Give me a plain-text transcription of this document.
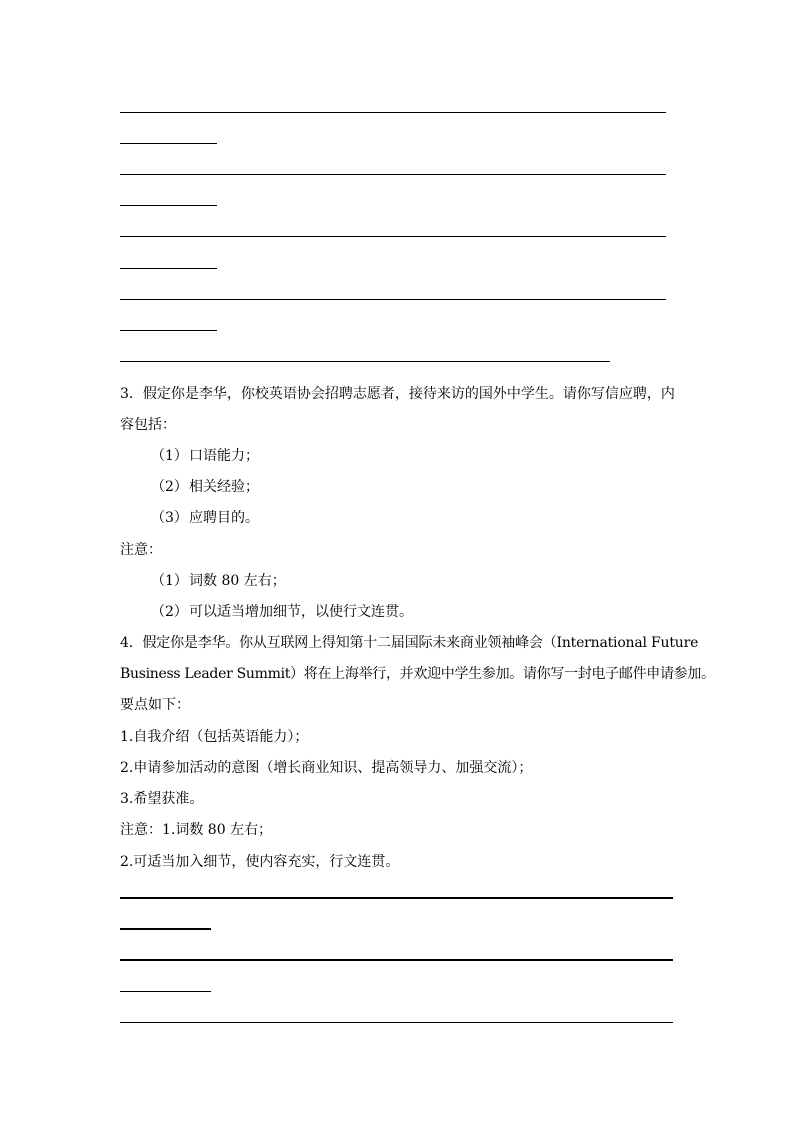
3．假定你是李华，你校英语协会招聘志愿者，接待来访的国外中学生。请你写信应聘，内
容包括：
（1）口语能力；
（2）相关经验；
（3）应聘目的。
注意：
（1）词数 80 左右；
（2）可以适当增加细节，以使行文连贯。
4．假定你是李华。你从互联网上得知第十二届国际未来商业领袖峰会（International Future
Business Leader Summit）将在上海举行，并欢迎中学生参加。请你写一封电子邮件申请参加。
要点如下：
1.自我介绍（包括英语能力）；
2.申请参加活动的意图（增长商业知识、提高领导力、加强交流）；
3.希望获准。
注意：1.词数 80 左右；
2.可适当加入细节，使内容充实，行文连贯。
